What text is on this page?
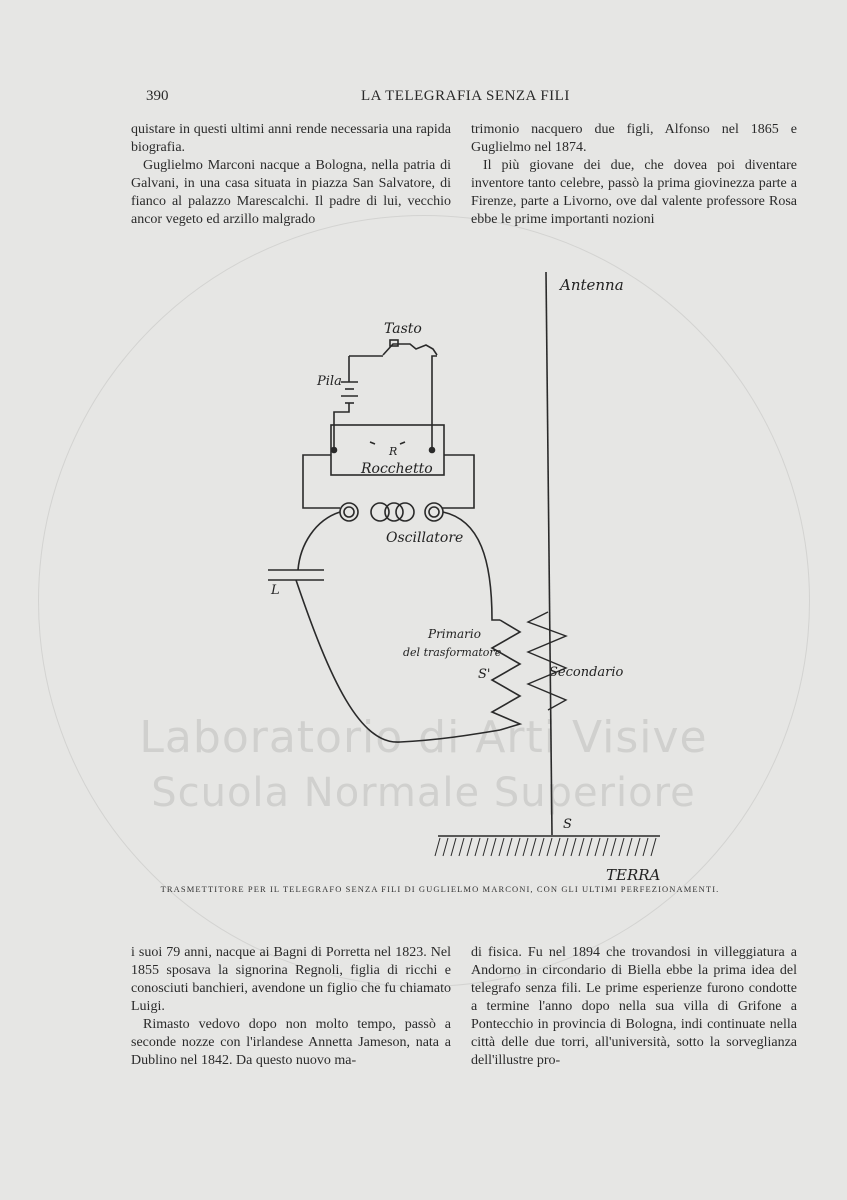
Laboratorio di Arti Visive
Scuola Normale Superiore
390	LA TELEGRAFIA SENZA FILI

quistare in questi ultimi anni rende necessaria una rapida biografia.

Guglielmo Marconi nacque a Bologna, nella patria di Galvani, in una casa situata in piazza San Salvatore, di fianco al palazzo Marescalchi. Il padre di lui, vecchio ancor vegeto ed arzillo malgrado

trimonio nacquero due figli, Alfonso nel 1865 e Guglielmo nel 1874.

Il più giovane dei due, che dovea poi diventare inventore tanto celebre, passò la prima giovinezza parte a Firenze, parte a Livorno, ove dal valente professore Rosa ebbe le prime importanti nozioni

Antenna
Tasto
Pila
R
Rocchetto
Oscillatore
L
Primario
del trasformatore
S'	Secondario
S
TERRA
TRASMETTITORE PER IL TELEGRAFO SENZA FILI DI GUGLIELMO MARCONI, CON GLI ULTIMI PERFEZIONAMENTI.

i suoi 79 anni, nacque ai Bagni di Porretta nel 1823. Nel 1855 sposava la signorina Regnoli, figlia di ricchi e conosciuti banchieri, avendone un figlio che fu chiamato Luigi.

Rimasto vedovo dopo non molto tempo, passò a seconde nozze con l'irlandese Annetta Jameson, nata a Dublino nel 1842. Da questo nuovo ma-

di fisica. Fu nel 1894 che trovandosi in villeggiatura a Andorno in circondario di Biella ebbe la prima idea del telegrafo senza fili. Le prime esperienze furono condotte a termine l'anno dopo nella sua villa di Grifone a Pontecchio in provincia di Bologna, indi continuate nella città delle due torri, all'università, sotto la sorveglianza dell'illustre pro-
